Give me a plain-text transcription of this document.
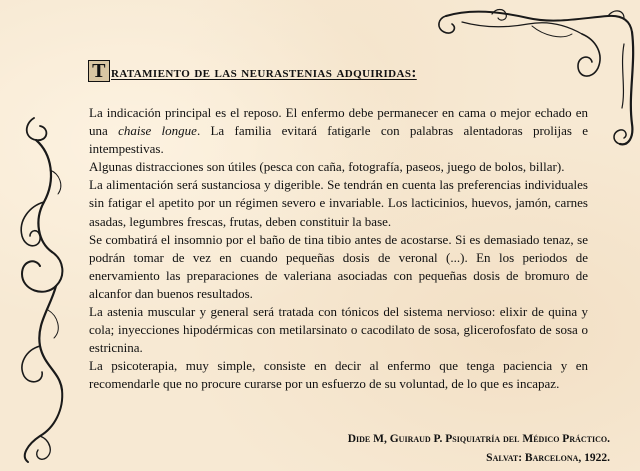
T ratamiento de las neurastenias adquiridas:

La indicación principal es el reposo. El enfermo debe permanecer en cama o mejor echado en una chaise longue. La familia evitará fatigarle con palabras alentadoras prolijas e intempestivas.

Algunas distracciones son útiles (pesca con caña, fotografía, paseos, juego de bolos, billar).

La alimentación será sustanciosa y digerible. Se tendrán en cuenta las preferencias individuales sin fatigar el apetito por un régimen severo e invariable. Los lacticinios, huevos, jamón, carnes asadas, legumbres frescas, frutas, deben constituir la base.

Se combatirá el insomnio por el baño de tina tibio antes de acostarse. Si es demasiado tenaz, se podrán tomar de vez en cuando pequeñas dosis de veronal (...). En los periodos de enervamiento las preparaciones de valeriana asociadas con pequeñas dosis de bromuro de alcanfor dan buenos resultados.

La astenia muscular y general será tratada con tónicos del sistema nervioso: elixir de quina y cola; inyecciones hipodérmicas con metilarsinato o cacodilato de sosa, glicerofosfato de sosa o estricnina.

La psicoterapia, muy simple, consiste en decir al enfermo que tenga paciencia y en recomendarle que no procure curarse por un esfuerzo de su voluntad, de lo que es incapaz.

Dide M, Guiraud P. Psiquiatría del Médico Práctico.
Salvat: Barcelona, 1922.
